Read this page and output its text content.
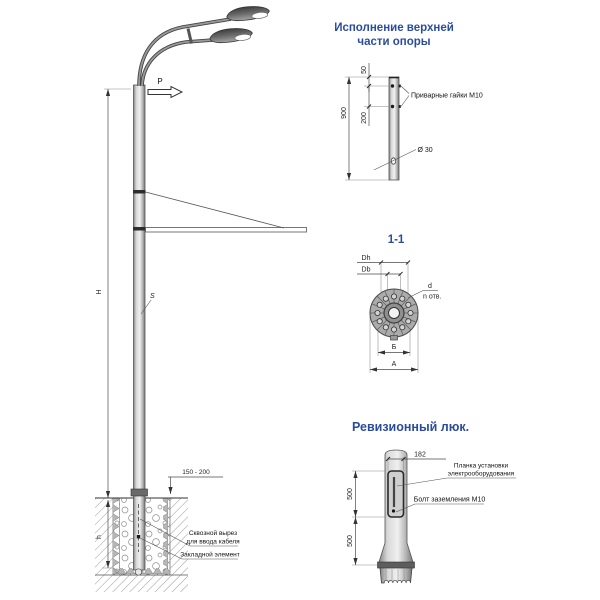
P
H
h
150 - 200
S
Сквозной вырез
для ввода кабеля
Закладной элемент
Исполнение верхней
части опоры
Приварные гайки М10
50
200
900
Ø 30
1-1
Dh
Db
d
n отв.
Б
А
Ревизионный люк.
182
Планка установки
электрооборудования
Болт заземления М10
500
500
